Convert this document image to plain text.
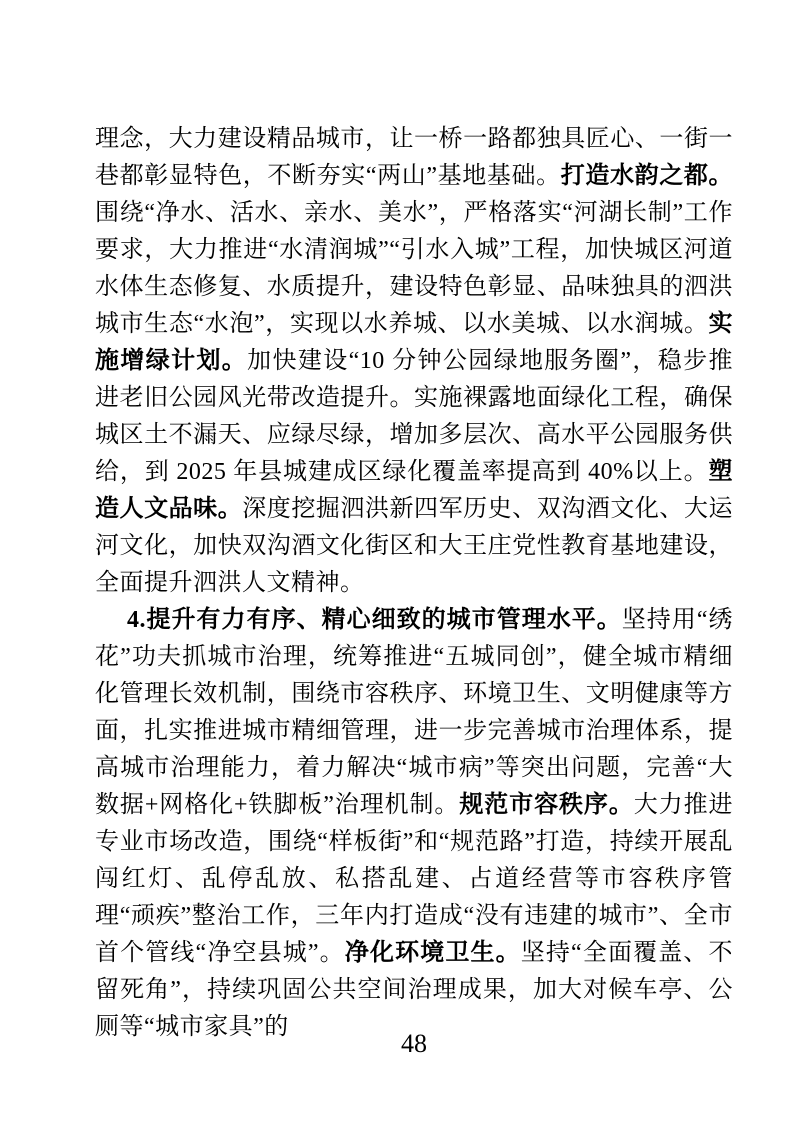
理念，大力建设精品城市，让一桥一路都独具匠心、一街一巷都彰显特色，不断夯实“两山”基地基础。打造水韵之都。围绕“净水、活水、亲水、美水”，严格落实“河湖长制”工作要求，大力推进“水清润城”“引水入城”工程，加快城区河道水体生态修复、水质提升，建设特色彰显、品味独具的泗洪城市生态“水泡”，实现以水养城、以水美城、以水润城。实施增绿计划。加快建设“10 分钟公园绿地服务圈”，稳步推进老旧公园风光带改造提升。实施裸露地面绿化工程，确保城区土不漏天、应绿尽绿，增加多层次、高水平公园服务供给，到 2025 年县城建成区绿化覆盖率提高到 40%以上。塑造人文品味。深度挖掘泗洪新四军历史、双沟酒文化、大运河文化，加快双沟酒文化街区和大王庄党性教育基地建设，全面提升泗洪人文精神。

4.提升有力有序、精心细致的城市管理水平。坚持用“绣花”功夫抓城市治理，统筹推进“五城同创”，健全城市精细化管理长效机制，围绕市容秩序、环境卫生、文明健康等方面，扎实推进城市精细管理，进一步完善城市治理体系，提高城市治理能力，着力解决“城市病”等突出问题，完善“大数据+网格化+铁脚板”治理机制。规范市容秩序。大力推进专业市场改造，围绕“样板街”和“规范路”打造，持续开展乱闯红灯、乱停乱放、私搭乱建、占道经营等市容秩序管理“顽疾”整治工作，三年内打造成“没有违建的城市”、全市首个管线“净空县城”。净化环境卫生。坚持“全面覆盖、不留死角”，持续巩固公共空间治理成果，加大对候车亭、公厕等“城市家具”的

48
